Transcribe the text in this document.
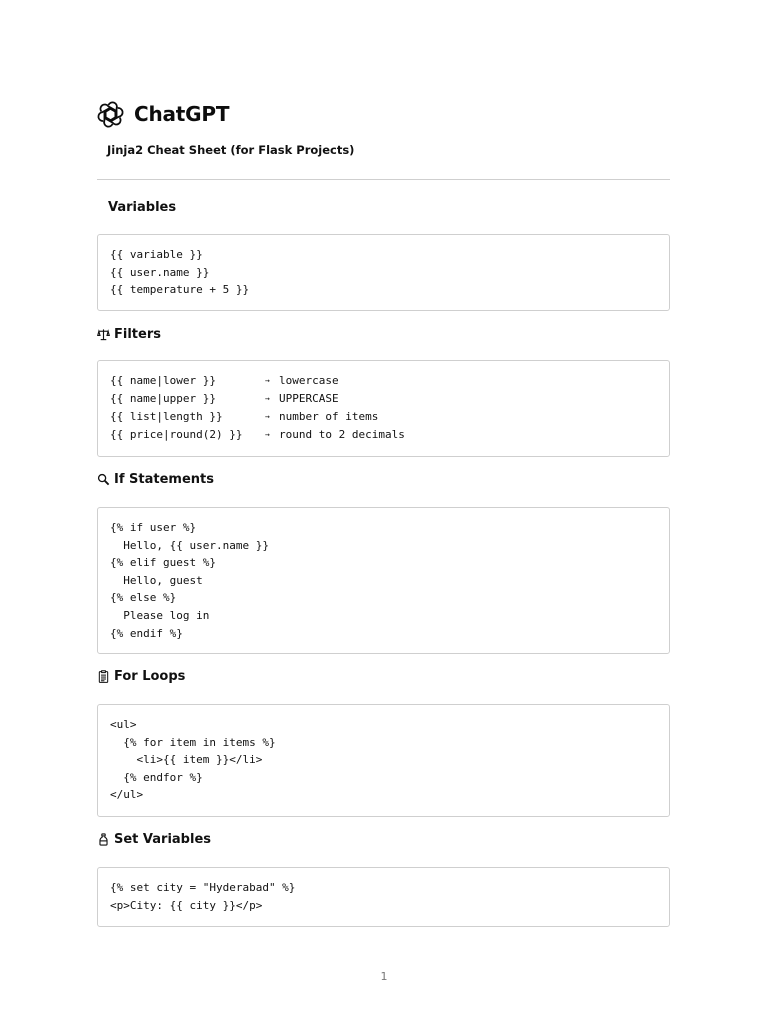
ChatGPT
Jinja2 Cheat Sheet (for Flask Projects)
Variables
{{ variable }}
{{ user.name }}
{{ temperature + 5 }}
Filters
{{ name|lower }}	→ lowercase
{{ name|upper }}	→ UPPERCASE
{{ list|length }}	→ number of items
{{ price|round(2) }}	→ round to 2 decimals
If Statements
{% if user %}
Hello, {{ user.name }}
{% elif guest %}
Hello, guest
{% else %}
Please log in
{% endif %}
For Loops
<ul>
{% for item in items %}
<li>{{ item }}</li>
{% endfor %}
</ul>
Set Variables
{% set city = "Hyderabad" %}
<p>City: {{ city }}</p>
1
